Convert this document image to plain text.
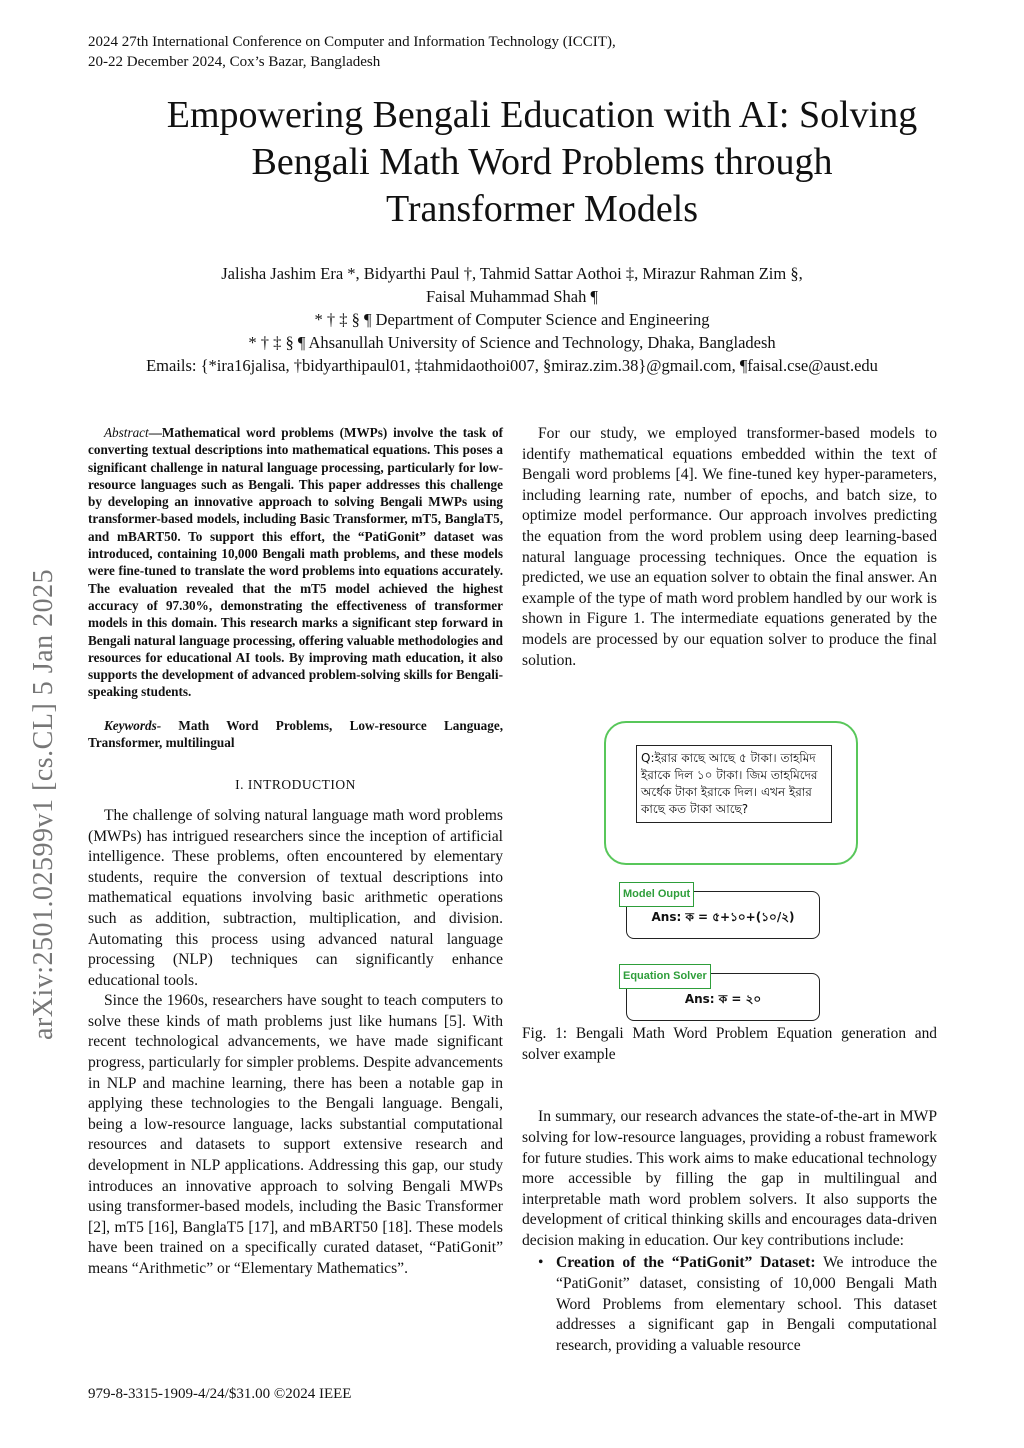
2024 27th International Conference on Computer and Information Technology (ICCIT),
20-22 December 2024, Cox’s Bazar, Bangladesh
Empowering Bengali Education with AI: Solving
Bengali Math Word Problems through
Transformer Models

Jalisha Jashim Era *, Bidyarthi Paul †, Tahmid Sattar Aothoi ‡, Mirazur Rahman Zim §,

Faisal Muhammad Shah ¶

* † ‡ § ¶ Department of Computer Science and Engineering

* † ‡ § ¶ Ahsanullah University of Science and Technology, Dhaka, Bangladesh

Emails: {*ira16jalisa, †bidyarthipaul01, ‡tahmidaothoi007, §miraz.zim.38}@gmail.com, ¶faisal.cse@aust.edu

arXiv:2501.02599v1 [cs.CL] 5 Jan 2025

Abstract—Mathematical word problems (MWPs) involve the task of converting textual descriptions into mathematical equations. This poses a significant challenge in natural language processing, particularly for low-resource languages such as Bengali. This paper addresses this challenge by developing an innovative approach to solving Bengali MWPs using transformer-based models, including Basic Transformer, mT5, BanglaT5, and mBART50. To support this effort, the “PatiGonit” dataset was introduced, containing 10,000 Bengali math problems, and these models were fine-tuned to translate the word problems into equations accurately. The evaluation revealed that the mT5 model achieved the highest accuracy of 97.30%, demonstrating the effectiveness of transformer models in this domain. This research marks a significant step forward in Bengali natural language processing, offering valuable methodologies and resources for educational AI tools. By improving math education, it also supports the development of advanced problem-solving skills for Bengali-speaking students.

Keywords- Math Word Problems, Low-resource Language, Transformer, multilingual

I. INTRODUCTION

The challenge of solving natural language math word problems (MWPs) has intrigued researchers since the inception of artificial intelligence. These problems, often encountered by elementary students, require the conversion of textual descriptions into mathematical equations involving basic arithmetic operations such as addition, subtraction, multiplication, and division. Automating this process using advanced natural language processing (NLP) techniques can significantly enhance educational tools.

Since the 1960s, researchers have sought to teach computers to solve these kinds of math problems just like humans [5]. With recent technological advancements, we have made significant progress, particularly for simpler problems. Despite advancements in NLP and machine learning, there has been a notable gap in applying these technologies to the Bengali language. Bengali, being a low-resource language, lacks substantial computational resources and datasets to support extensive research and development in NLP applications. Addressing this gap, our study introduces an innovative approach to solving Bengali MWPs using transformer-based models, including the Basic Transformer [2], mT5 [16], BanglaT5 [17], and mBART50 [18]. These models have been trained on a specifically curated dataset, “PatiGonit” means “Arithmetic” or “Elementary Mathematics”.

For our study, we employed transformer-based models to identify mathematical equations embedded within the text of Bengali word problems [4]. We fine-tuned key hyper-parameters, including learning rate, number of epochs, and batch size, to optimize model performance. Our approach involves predicting the equation from the word problem using deep learning-based natural language processing techniques. Once the equation is predicted, we use an equation solver to obtain the final answer. An example of the type of math word problem handled by our work is shown in Figure 1. The intermediate equations generated by the models are processed by our equation solver to produce the final solution.

Q:ইরার কাছে আছে ৫ টাকা। তাহমিদ ইরাকে দিল ১০ টাকা। জিম তাহমিদের অর্ধেক টাকা ইরাকে দিল। এখন ইরার কাছে কত টাকা আছে?
Model Ouput
Ans: ক = ৫+১০+(১০/২)
Equation Solver
Ans: ক = ২০

Fig. 1: Bengali Math Word Problem Equation generation and solver example

In summary, our research advances the state-of-the-art in MWP solving for low-resource languages, providing a robust framework for future studies. This work aims to make educational technology more accessible by filling the gap in multilingual and interpretable math word problem solvers. It also supports the development of critical thinking skills and encourages data-driven decision making in education. Our key contributions include:

• Creation of the “PatiGonit” Dataset: We introduce the “PatiGonit” dataset, consisting of 10,000 Bengali Math Word Problems from elementary school. This dataset addresses a significant gap in Bengali computational research, providing a valuable resource

979-8-3315-1909-4/24/$31.00 ©2024 IEEE
